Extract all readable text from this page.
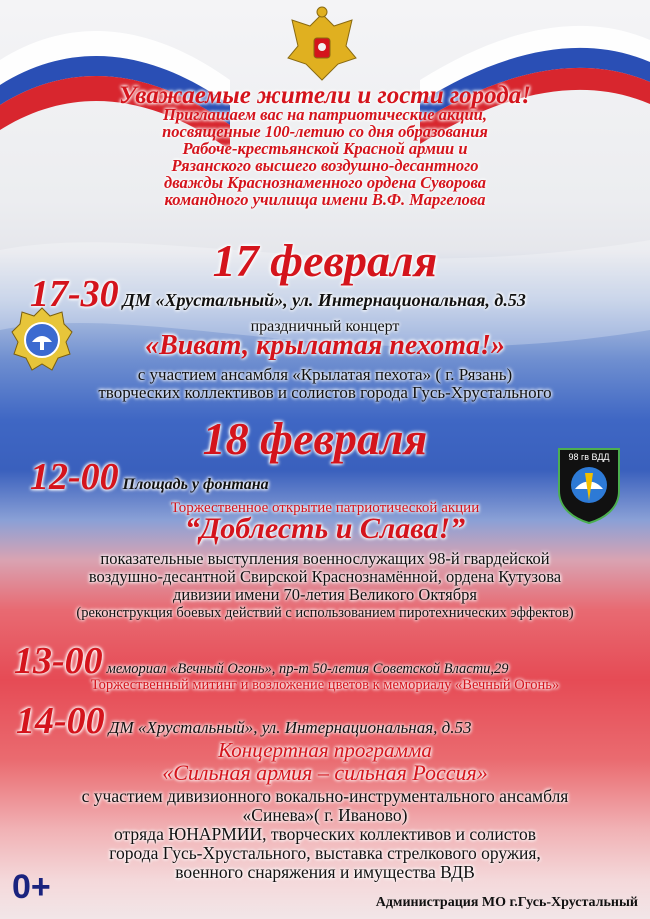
Уважаемые жители и гости города!
Приглашаем вас на патриотические акции,
посвященные 100-летию со дня образования
Рабоче-крестьянской Красной армии и
Рязанского высшего воздушно-десантного
дважды Краснознаменного ордена Суворова
командного училища имени В.Ф. Маргелова
17 февраля
17-30 ДМ «Хрустальный», ул. Интернациональная, д.53
праздничный концерт
«Виват, крылатая пехота!»
с участием ансамбля «Крылатая пехота» ( г. Рязань)
творческих коллективов и солистов города Гусь-Хрустального
18 февраля
12-00 Площадь у фонтана
98 гв ВДД
Торжественное открытие патриотической акции
“Доблесть и Слава!”
показательные выступления военнослужащих 98-й гвардейской
воздушно-десантной Свирской Краснознамённой, ордена Кутузова
дивизии имени 70-летия Великого Октября
(реконструкция боевых действий с использованием пиротехнических эффектов)
13-00 мемориал «Вечный Огонь», пр-т 50-летия Советской Власти,29
Торжественный митинг и возложение цветов к мемориалу «Вечный Огонь»
14-00 ДМ «Хрустальный», ул. Интернациональная, д.53
Концертная программа
«Сильная армия – сильная Россия»
с участием дивизионного вокально-инструментального ансамбля
«Синева»( г. Иваново)
отряда ЮНАРМИИ, творческих коллективов и солистов
города Гусь-Хрустального, выставка стрелкового оружия,
военного снаряжения и имущества ВДВ
0+	Администрация МО г.Гусь-Хрустальный
